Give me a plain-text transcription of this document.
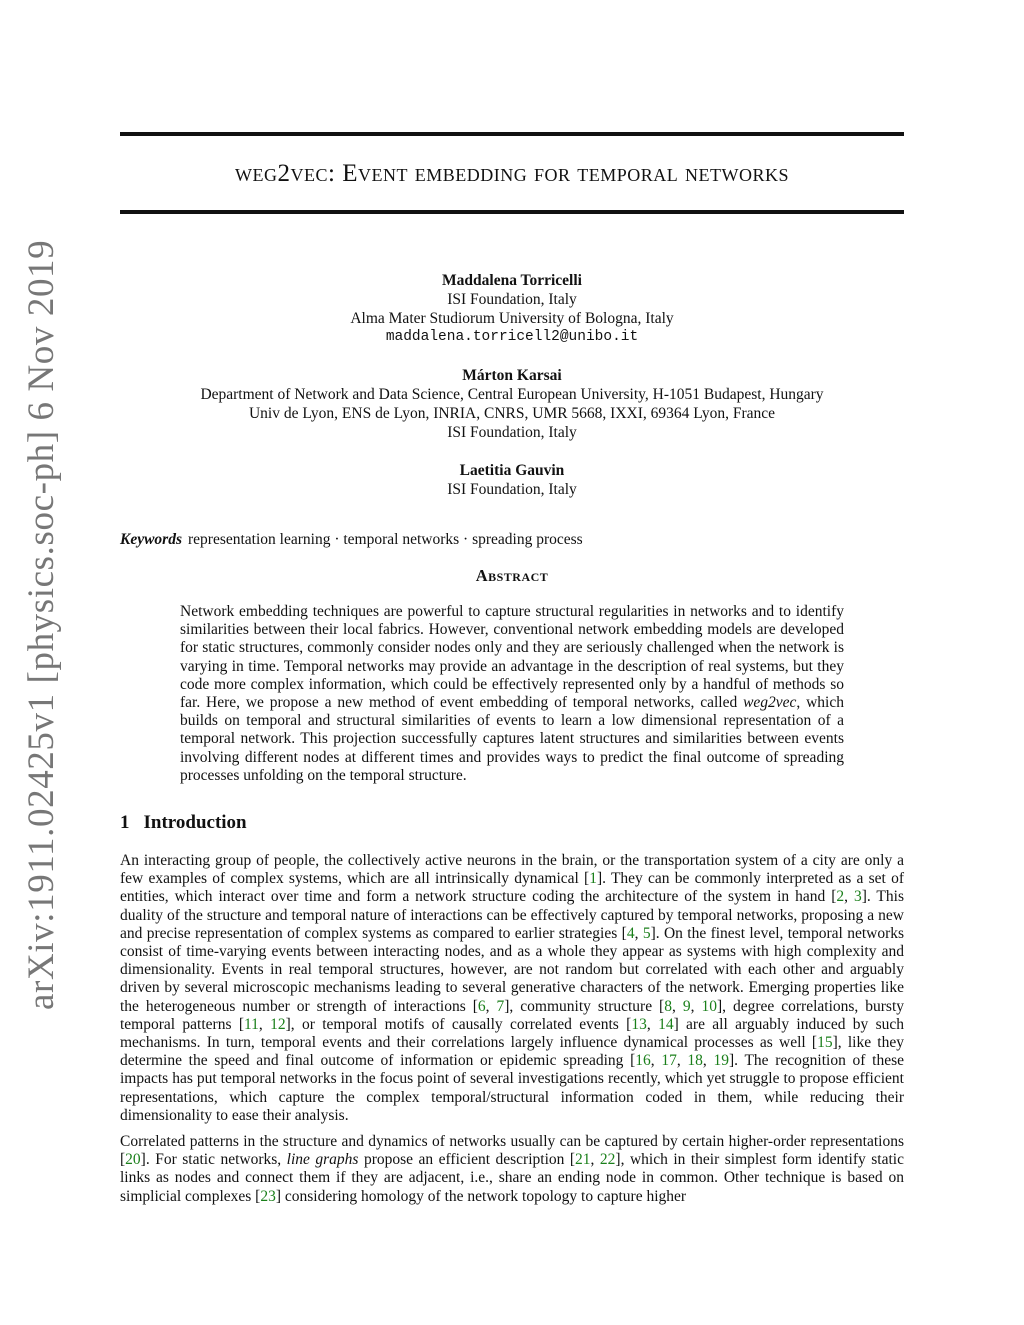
weg2vec: Event embedding for temporal networks
arXiv:1911.02425v1 [physics.soc-ph] 6 Nov 2019	Maddalena Torricelli
ISI Foundation, Italy
Alma Mater Studiorum University of Bologna, Italy
maddalena.torricell2@unibo.it
Márton Karsai
Department of Network and Data Science, Central European University, H-1051 Budapest, Hungary
Univ de Lyon, ENS de Lyon, INRIA, CNRS, UMR 5668, IXXI, 69364 Lyon, France
ISI Foundation, Italy
Laetitia Gauvin
ISI Foundation, Italy
Keywords representation learning · temporal networks · spreading process
Abstract
Network embedding techniques are powerful to capture structural regularities in networks and to identify similarities between their local fabrics. However, conventional network embedding models are developed for static structures, commonly consider nodes only and they are seriously challenged when the network is varying in time. Temporal networks may provide an advantage in the description of real systems, but they code more complex information, which could be effectively represented only by a handful of methods so far. Here, we propose a new method of event embedding of temporal networks, called weg2vec, which builds on temporal and structural similarities of events to learn a low dimensional representation of a temporal network. This projection successfully captures latent structures and similarities between events involving different nodes at different times and provides ways to predict the final outcome of spreading processes unfolding on the temporal structure.
1 Introduction

An interacting group of people, the collectively active neurons in the brain, or the transportation system of a city are only a few examples of complex systems, which are all intrinsically dynamical [1]. They can be commonly interpreted as a set of entities, which interact over time and form a network structure coding the architecture of the system in hand [2, 3]. This duality of the structure and temporal nature of interactions can be effectively captured by temporal networks, proposing a new and precise representation of complex systems as compared to earlier strategies [4, 5]. On the finest level, temporal networks consist of time-varying events between interacting nodes, and as a whole they appear as systems with high complexity and dimensionality. Events in real temporal structures, however, are not random but correlated with each other and arguably driven by several microscopic mechanisms leading to several generative characters of the network. Emerging properties like the heterogeneous number or strength of interactions [6, 7], community structure [8, 9, 10], degree correlations, bursty temporal patterns [11, 12], or temporal motifs of causally correlated events [13, 14] are all arguably induced by such mechanisms. In turn, temporal events and their correlations largely influence dynamical processes as well [15], like they determine the speed and final outcome of information or epidemic spreading [16, 17, 18, 19]. The recognition of these impacts has put temporal networks in the focus point of several investigations recently, which yet struggle to propose efficient representations, which capture the complex temporal/structural information coded in them, while reducing their dimensionality to ease their analysis.

Correlated patterns in the structure and dynamics of networks usually can be captured by certain higher-order representations [20]. For static networks, line graphs propose an efficient description [21, 22], which in their simplest form identify static links as nodes and connect them if they are adjacent, i.e., share an ending node in common. Other technique is based on simplicial complexes [23] considering homology of the network topology to capture higher
